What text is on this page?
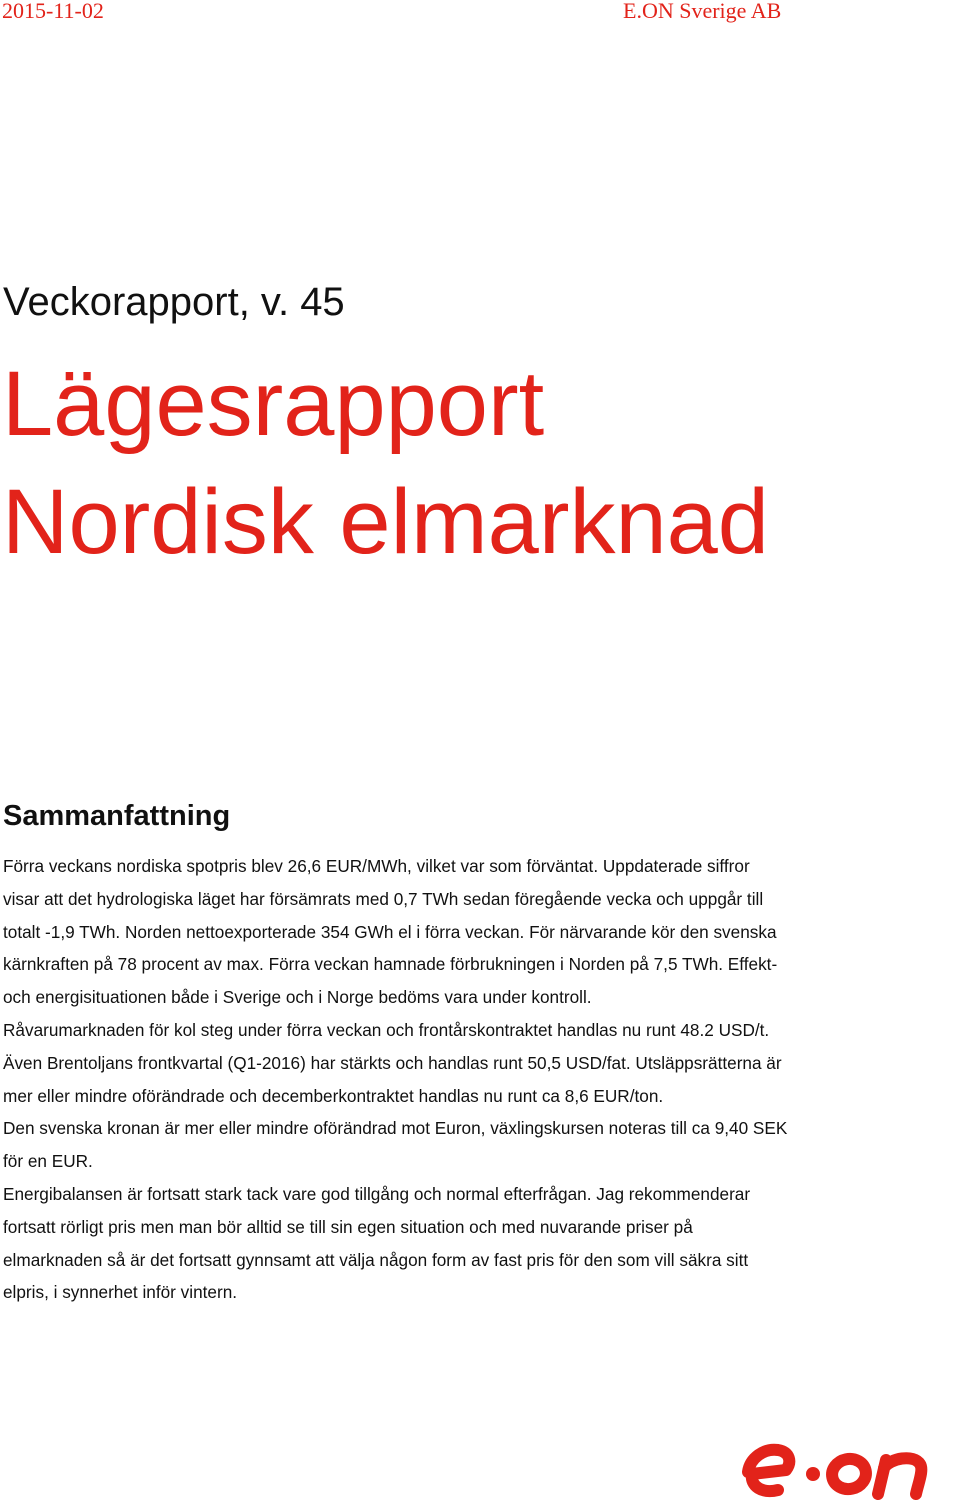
2015-11-02	E.ON Sverige AB
Veckorapport, v. 45
Lägesrapport
Nordisk elmarknad
Sammanfattning
Förra veckans nordiska spotpris blev 26,6 EUR/MWh, vilket var som förväntat. Uppdaterade siffror
visar att det hydrologiska läget har försämrats med 0,7 TWh sedan föregående vecka och uppgår till
totalt -1,9 TWh. Norden nettoexporterade 354 GWh el i förra veckan. För närvarande kör den svenska
kärnkraften på 78 procent av max. Förra veckan hamnade förbrukningen i Norden på 7,5 TWh. Effekt-
och energisituationen både i Sverige och i Norge bedöms vara under kontroll.
Råvarumarknaden för kol steg under förra veckan och frontårskontraktet handlas nu runt 48.2 USD/t.
Även Brentoljans frontkvartal (Q1-2016) har stärkts och handlas runt 50,5 USD/fat. Utsläppsrätterna är
mer eller mindre oförändrade och decemberkontraktet handlas nu runt ca 8,6 EUR/ton.
Den svenska kronan är mer eller mindre oförändrad mot Euron, växlingskursen noteras till ca 9,40 SEK
för en EUR.
Energibalansen är fortsatt stark tack vare god tillgång och normal efterfrågan. Jag rekommenderar
fortsatt rörligt pris men man bör alltid se till sin egen situation och med nuvarande priser på
elmarknaden så är det fortsatt gynnsamt att välja någon form av fast pris för den som vill säkra sitt
elpris, i synnerhet inför vintern.
